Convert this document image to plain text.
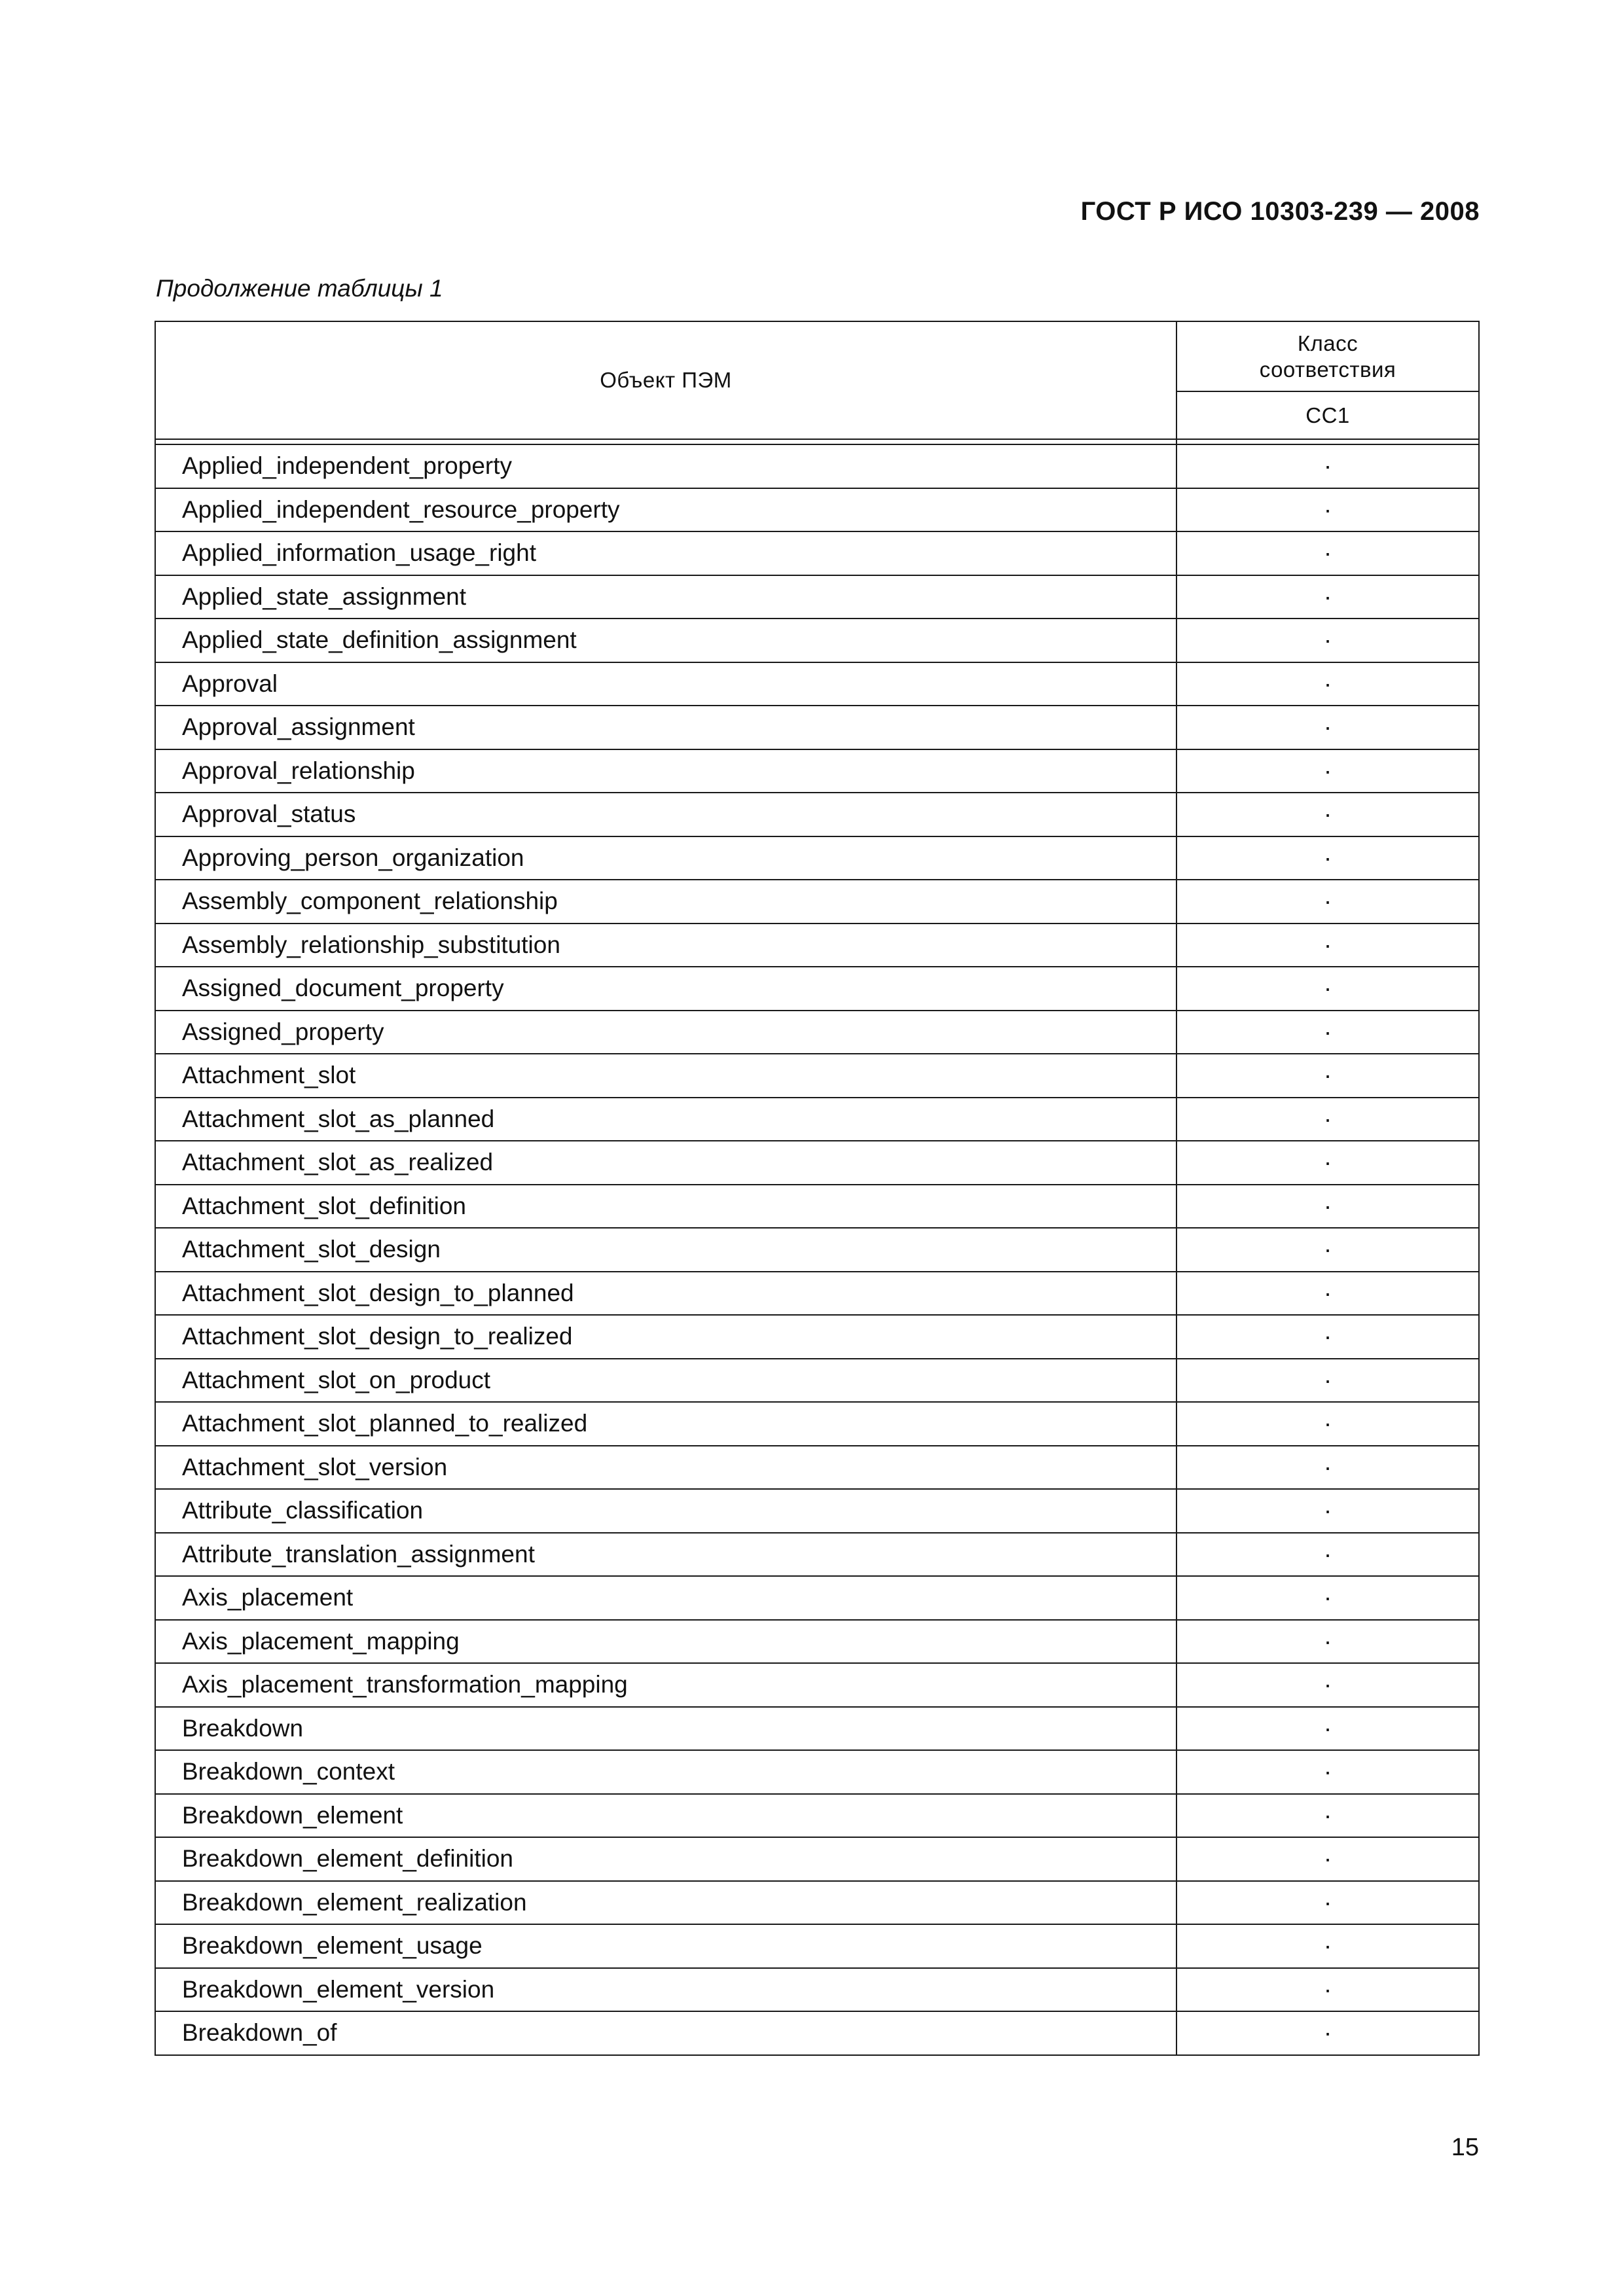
ГОСТ Р ИСО 10303-239 — 2008
Продолжение таблицы 1
Объект ПЭМ	Класс соответствия
	CC1

Applied_independent_property	·
Applied_independent_resource_property	·
Applied_information_usage_right	·
Applied_state_assignment	·
Applied_state_definition_assignment	·
Approval	·
Approval_assignment	·
Approval_relationship	·
Approval_status	·
Approving_person_organization	·
Assembly_component_relationship	·
Assembly_relationship_substitution	·
Assigned_document_property	·
Assigned_property	·
Attachment_slot	·
Attachment_slot_as_planned	·
Attachment_slot_as_realized	·
Attachment_slot_definition	·
Attachment_slot_design	·
Attachment_slot_design_to_planned	·
Attachment_slot_design_to_realized	·
Attachment_slot_on_product	·
Attachment_slot_planned_to_realized	·
Attachment_slot_version	·
Attribute_classification	·
Attribute_translation_assignment	·
Axis_placement	·
Axis_placement_mapping	·
Axis_placement_transformation_mapping	·
Breakdown	·
Breakdown_context	·
Breakdown_element	·
Breakdown_element_definition	·
Breakdown_element_realization	·
Breakdown_element_usage	·
Breakdown_element_version	·
Breakdown_of	·
15
